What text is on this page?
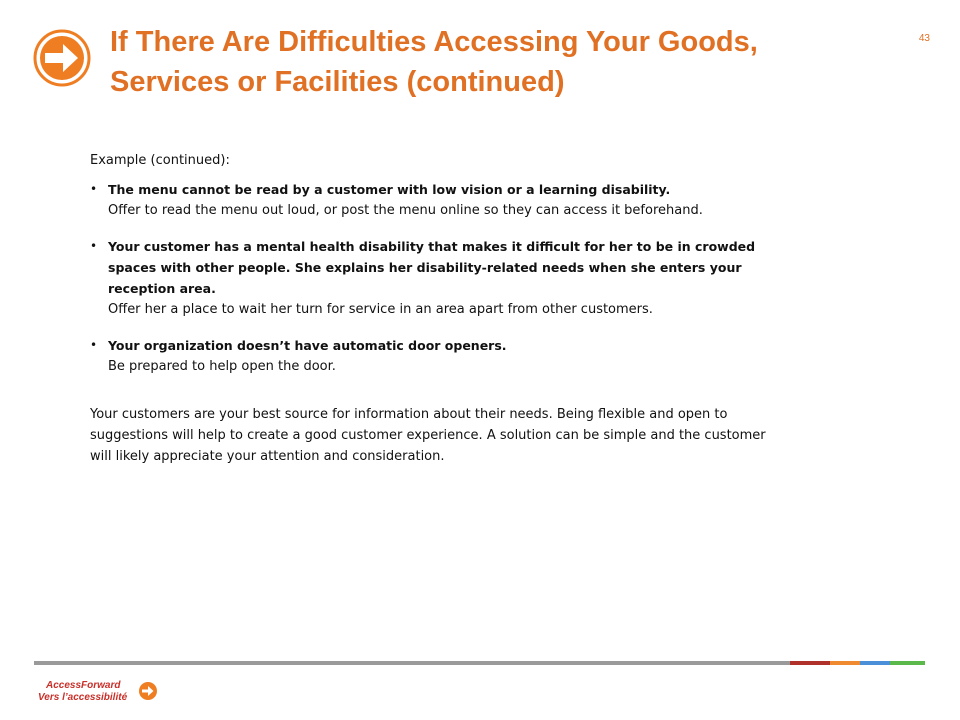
If There Are Difficulties Accessing Your Goods, Services or Facilities (continued)
43

Example (continued):

• The menu cannot be read by a customer with low vision or a learning disability.
Offer to read the menu out loud, or post the menu online so they can access it beforehand.
• Your customer has a mental health disability that makes it difficult for her to be in crowded spaces with other people. She explains her disability-related needs when she enters your reception area.
Offer her a place to wait her turn for service in an area apart from other customers.
• Your organization doesn’t have automatic door openers.
Be prepared to help open the door.

Your customers are your best source for information about their needs. Being flexible and open to suggestions will help to create a good customer experience. A solution can be simple and the customer will likely appreciate your attention and consideration.

AccessForward
Vers l’accessibilité
